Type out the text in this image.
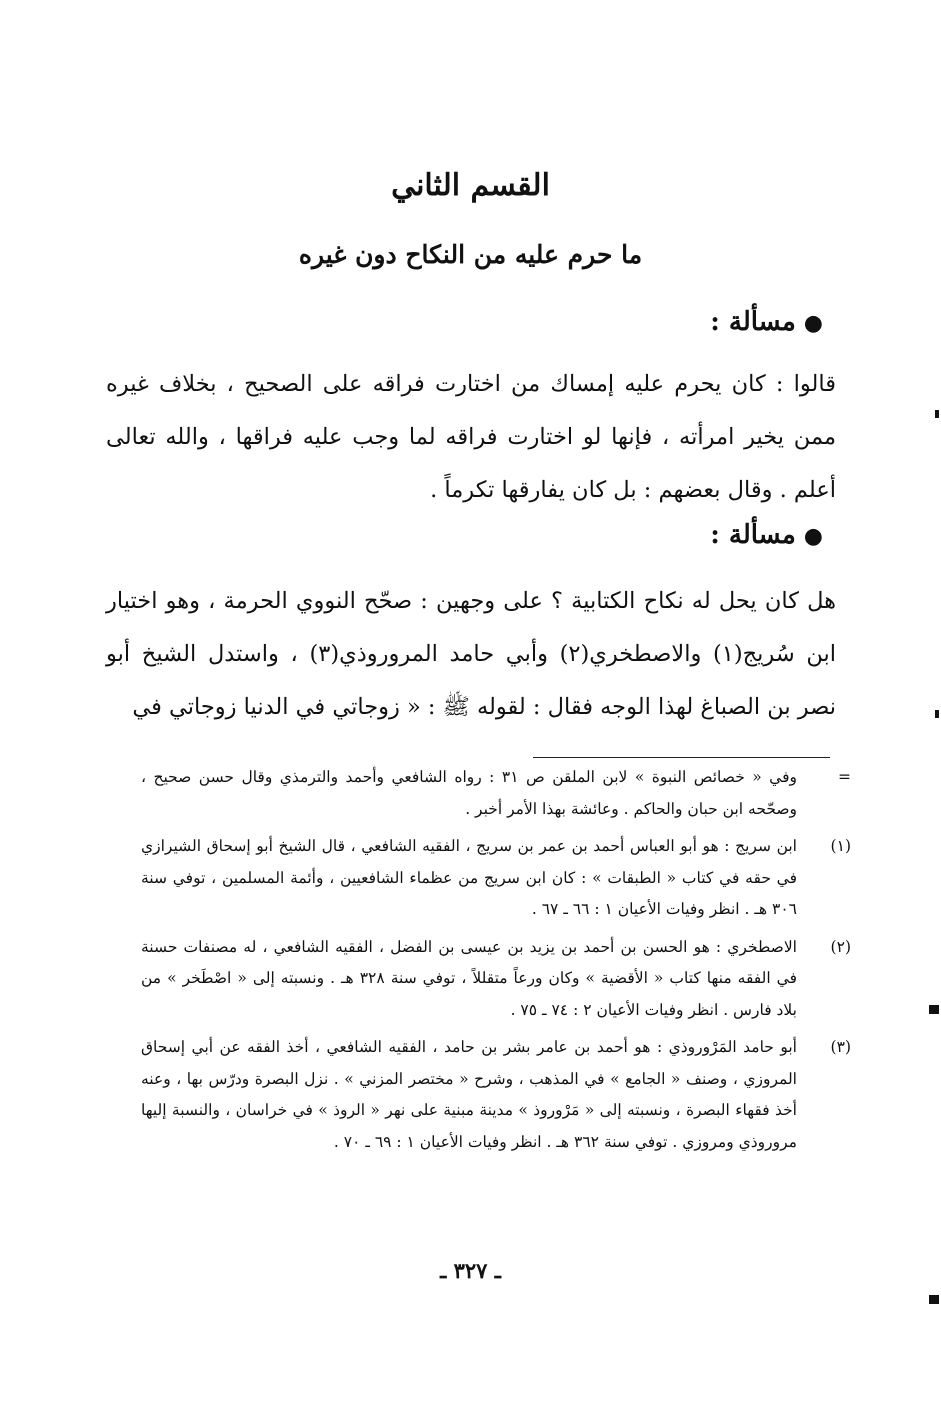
القسم الثاني
ما حرم عليه من النكاح دون غيره
●مسألة :
قالوا : كان يحرم عليه إمساك من اختارت فراقه على الصحيح ، بخلاف غيره ممن يخير امرأته ، فإنها لو اختارت فراقه لما وجب عليه فراقها ، والله تعالى أعلم . وقال بعضهم : بل كان يفارقها تكرماً .
●مسألة :
هل كان يحل له نكاح الكتابية ؟ على وجهين : صحّح النووي الحرمة ، وهو اختيار ابن سُريج(١) والاصطخري(٢) وأبي حامد المروروذي(٣) ، واستدل الشيخ أبو نصر بن الصباغ لهذا الوجه فقال : لقوله ﷺ : « زوجاتي في الدنيا زوجاتي في
=
وفي « خصائص النبوة » لابن الملقن ص ٣١ : رواه الشافعي وأحمد والترمذي وقال حسن صحيح ، وصحّحه ابن حبان والحاكم . وعائشة بهذا الأمر أخبر .
(١)
ابن سريج : هو أبو العباس أحمد بن عمر بن سريج ، الفقيه الشافعي ، قال الشيخ أبو إسحاق الشيرازي في حقه في كتاب « الطبقات » : كان ابن سريج من عظماء الشافعيين ، وأئمة المسلمين ، توفي سنة ٣٠٦ هـ . انظر وفيات الأعيان ١ : ٦٦ ـ ٦٧ .
(٢)
الاصطخري : هو الحسن بن أحمد بن يزيد بن عيسى بن الفضل ، الفقيه الشافعي ، له مصنفات حسنة في الفقه منها كتاب « الأقضية » وكان ورعاً متقللاً ، توفي سنة ٣٢٨ هـ . ونسبته إلى « اصْطَخر » من بلاد فارس . انظر وفيات الأعيان ٢ : ٧٤ ـ ٧٥ .
(٣)
أبو حامد المَرْوروذي : هو أحمد بن عامر بشر بن حامد ، الفقيه الشافعي ، أخذ الفقه عن أبي إسحاق المروزي ، وصنف « الجامع » في المذهب ، وشرح « مختصر المزني » . نزل البصرة ودرّس بها ، وعنه أخذ فقهاء البصرة ، ونسبته إلى « مَرْوروذ » مدينة مبنية على نهر « الروذ » في خراسان ، والنسبة إليها مروروذي ومروزي . توفي سنة ٣٦٢ هـ . انظر وفيات الأعيان ١ : ٦٩ ـ ٧٠ .
ـ ٣٢٧ ـ
